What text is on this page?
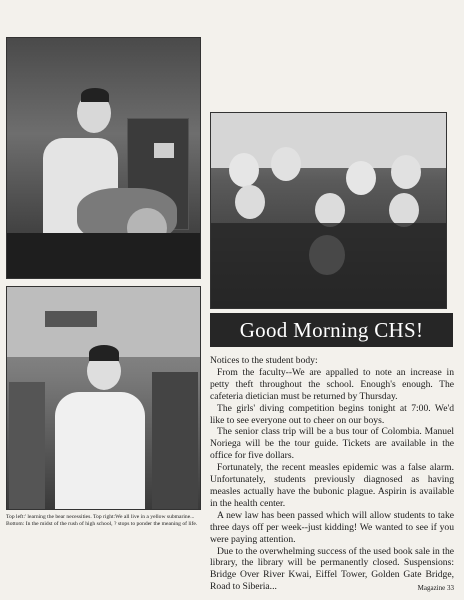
Top left:' learning the bear necessities. Top right:We all live in a yellow submarine... Bottom: In the midst of the rush of high school, ? stops to ponder the meaning of life.
Good Morning CHS!

Notices to the student body:

From the faculty--We are appalled to note an increase in petty theft throughout the school. Enough's enough. The cafeteria dietician must be returned by Thursday.

The girls' diving competition begins tonight at 7:00. We'd like to see everyone out to cheer on our boys.

The senior class trip will be a bus tour of Colombia. Manuel Noriega will be the tour guide. Tickets are available in the office for five dollars.

Fortunately, the recent measles epidemic was a false alarm. Unfortunately, students previously diagnosed as having measles actually have the bubonic plague. Aspirin is available in the health center.

A new law has been passed which will allow students to take three days off per week--just kidding! We wanted to see if you were paying attention.

Due to the overwhelming success of the used book sale in the library, the library will be permanently closed. Suspensions: Bridge Over River Kwai, Eiffel Tower, Golden Gate Bridge, Road to Siberia...	Magazine 33
